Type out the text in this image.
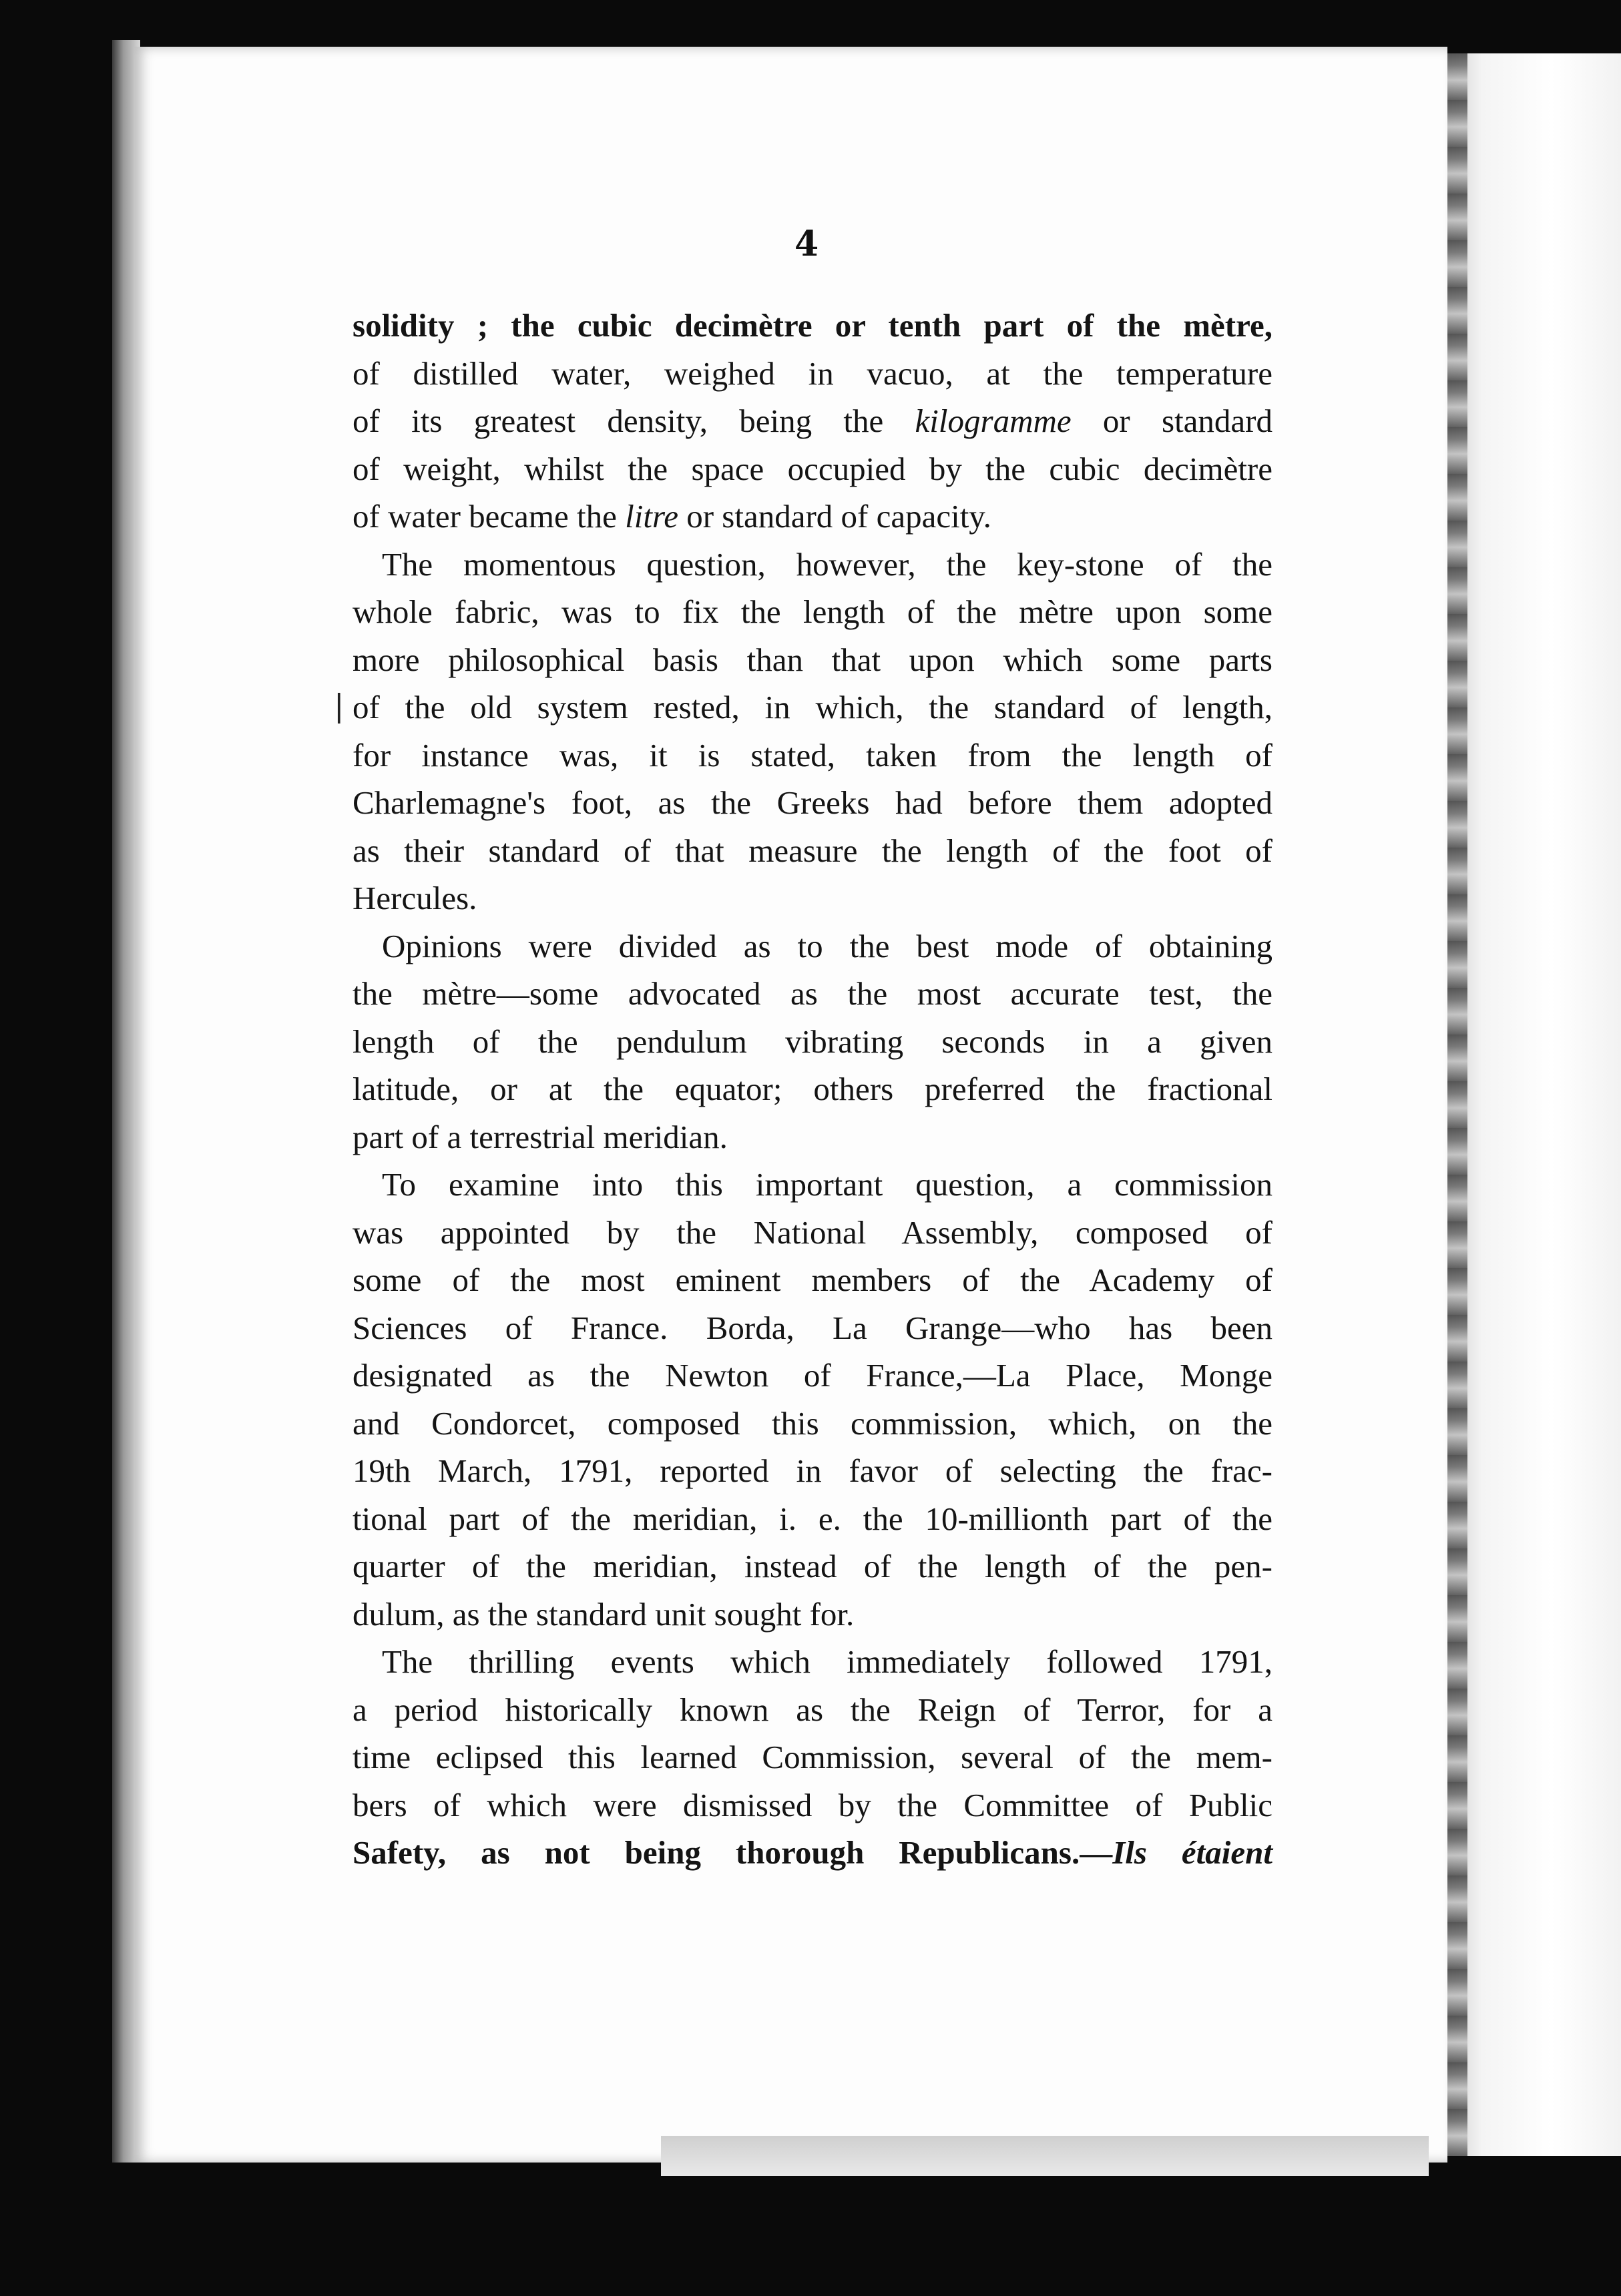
4
|
solidity ; the cubic decimètre or tenth part of the mètre,
of distilled water, weighed in vacuo, at the temperature
of its greatest density, being the kilogramme or standard
of weight, whilst the space occupied by the cubic decimètre
of water became the litre or standard of capacity.
The momentous question, however, the key-stone of the
whole fabric, was to fix the length of the mètre upon some
more philosophical basis than that upon which some parts
of the old system rested, in which, the standard of length,
for instance was, it is stated, taken from the length of
Charlemagne's foot, as the Greeks had before them adopted
as their standard of that measure the length of the foot of
Hercules.
Opinions were divided as to the best mode of obtaining
the mètre—some advocated as the most accurate test, the
length of the pendulum vibrating seconds in a given
latitude, or at the equator; others preferred the fractional
part of a terrestrial meridian.
To examine into this important question, a commission
was appointed by the National Assembly, composed of
some of the most eminent members of the Academy of
Sciences of France. Borda, La Grange—who has been
designated as the Newton of France,—La Place, Monge
and Condorcet, composed this commission, which, on the
19th March, 1791, reported in favor of selecting the frac-
tional part of the meridian, i. e. the 10-millionth part of the
quarter of the meridian, instead of the length of the pen-
dulum, as the standard unit sought for.
The thrilling events which immediately followed 1791,
a period historically known as the Reign of Terror, for a
time eclipsed this learned Commission, several of the mem-
bers of which were dismissed by the Committee of Public
Safety, as not being thorough Republicans.—Ils étaient
